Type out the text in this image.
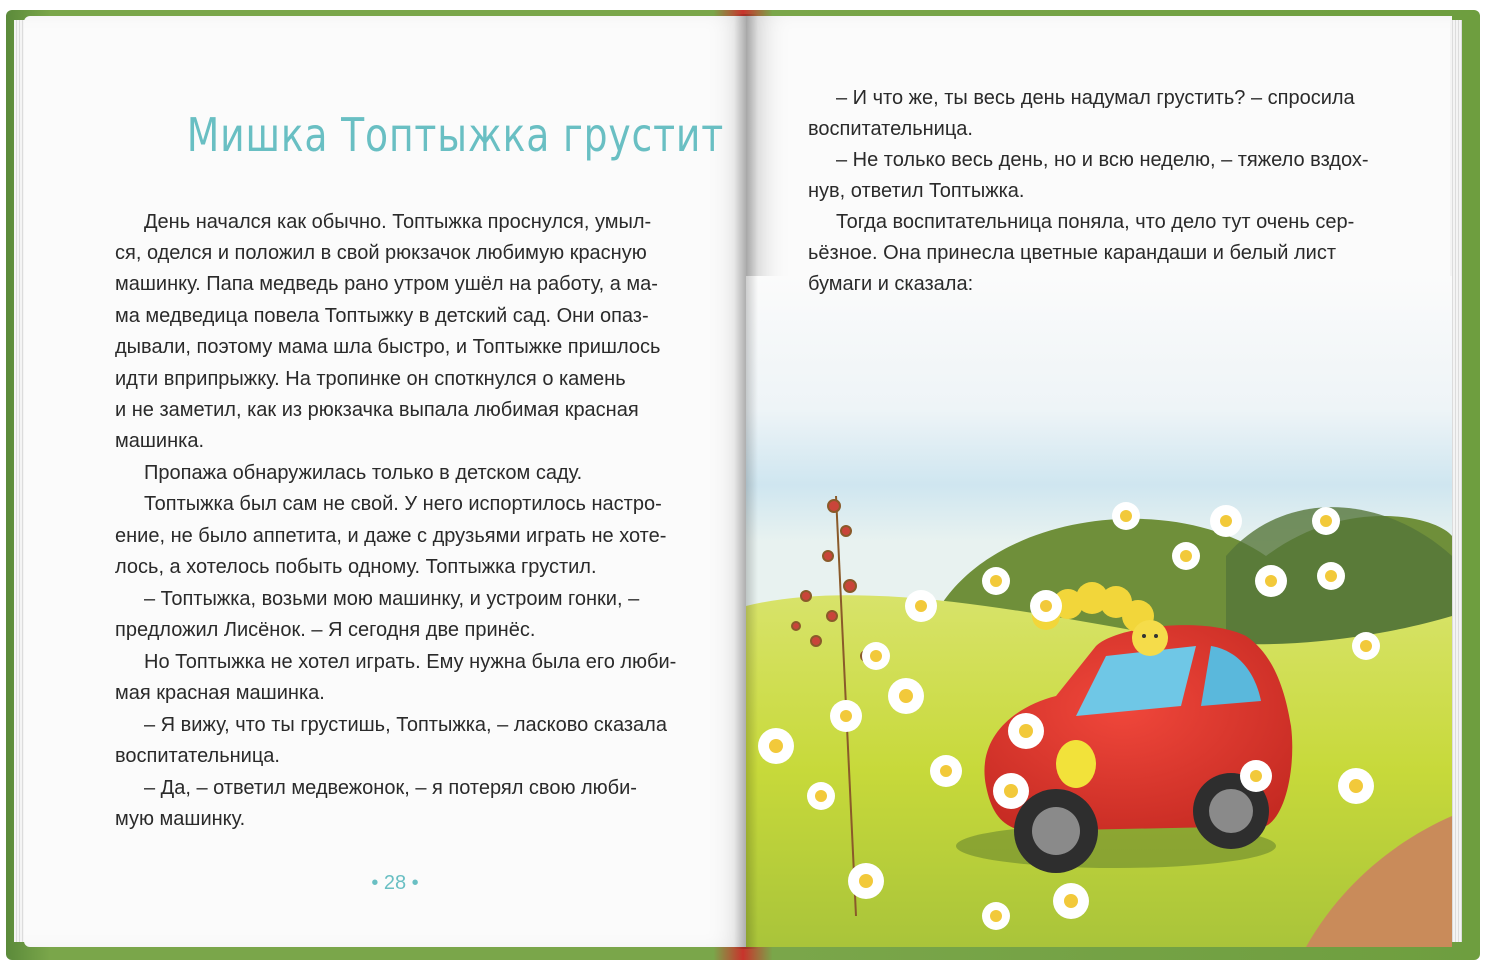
Мишка Топтыжка грустит
День начался как обычно. Топтыжка проснулся, умыл-
ся, оделся и положил в свой рюкзачок любимую красную
машинку. Папа медведь рано утром ушёл на работу, а ма-
ма медведица повела Топтыжку в детский сад. Они опаз-
дывали, поэтому мама шла быстро, и Топтыжке пришлось
идти вприпрыжку. На тропинке он споткнулся о камень
и не заметил, как из рюкзачка выпала любимая красная
машинка.
Пропажа обнаружилась только в детском саду.
Топтыжка был сам не свой. У него испортилось настро-
ение, не было аппетита, и даже с друзьями играть не хоте-
лось, а хотелось побыть одному. Топтыжка грустил.
– Топтыжка, возьми мою машинку, и устроим гонки, –
предложил Лисёнок. – Я сегодня две принёс.
Но Топтыжка не хотел играть. Ему нужна была его люби-
мая красная машинка.
– Я вижу, что ты грустишь, Топтыжка, – ласково сказала
воспитательница.
– Да, – ответил медвежонок, – я потерял свою люби-
мую машинку.
• 28 •
– И что же, ты весь день надумал грустить? – спросила
воспитательница.
– Не только весь день, но и всю неделю, – тяжело вздох-
нув, ответил Топтыжка.
Тогда воспитательница поняла, что дело тут очень сер-
ьёзное. Она принесла цветные карандаши и белый лист
бумаги и сказала:
